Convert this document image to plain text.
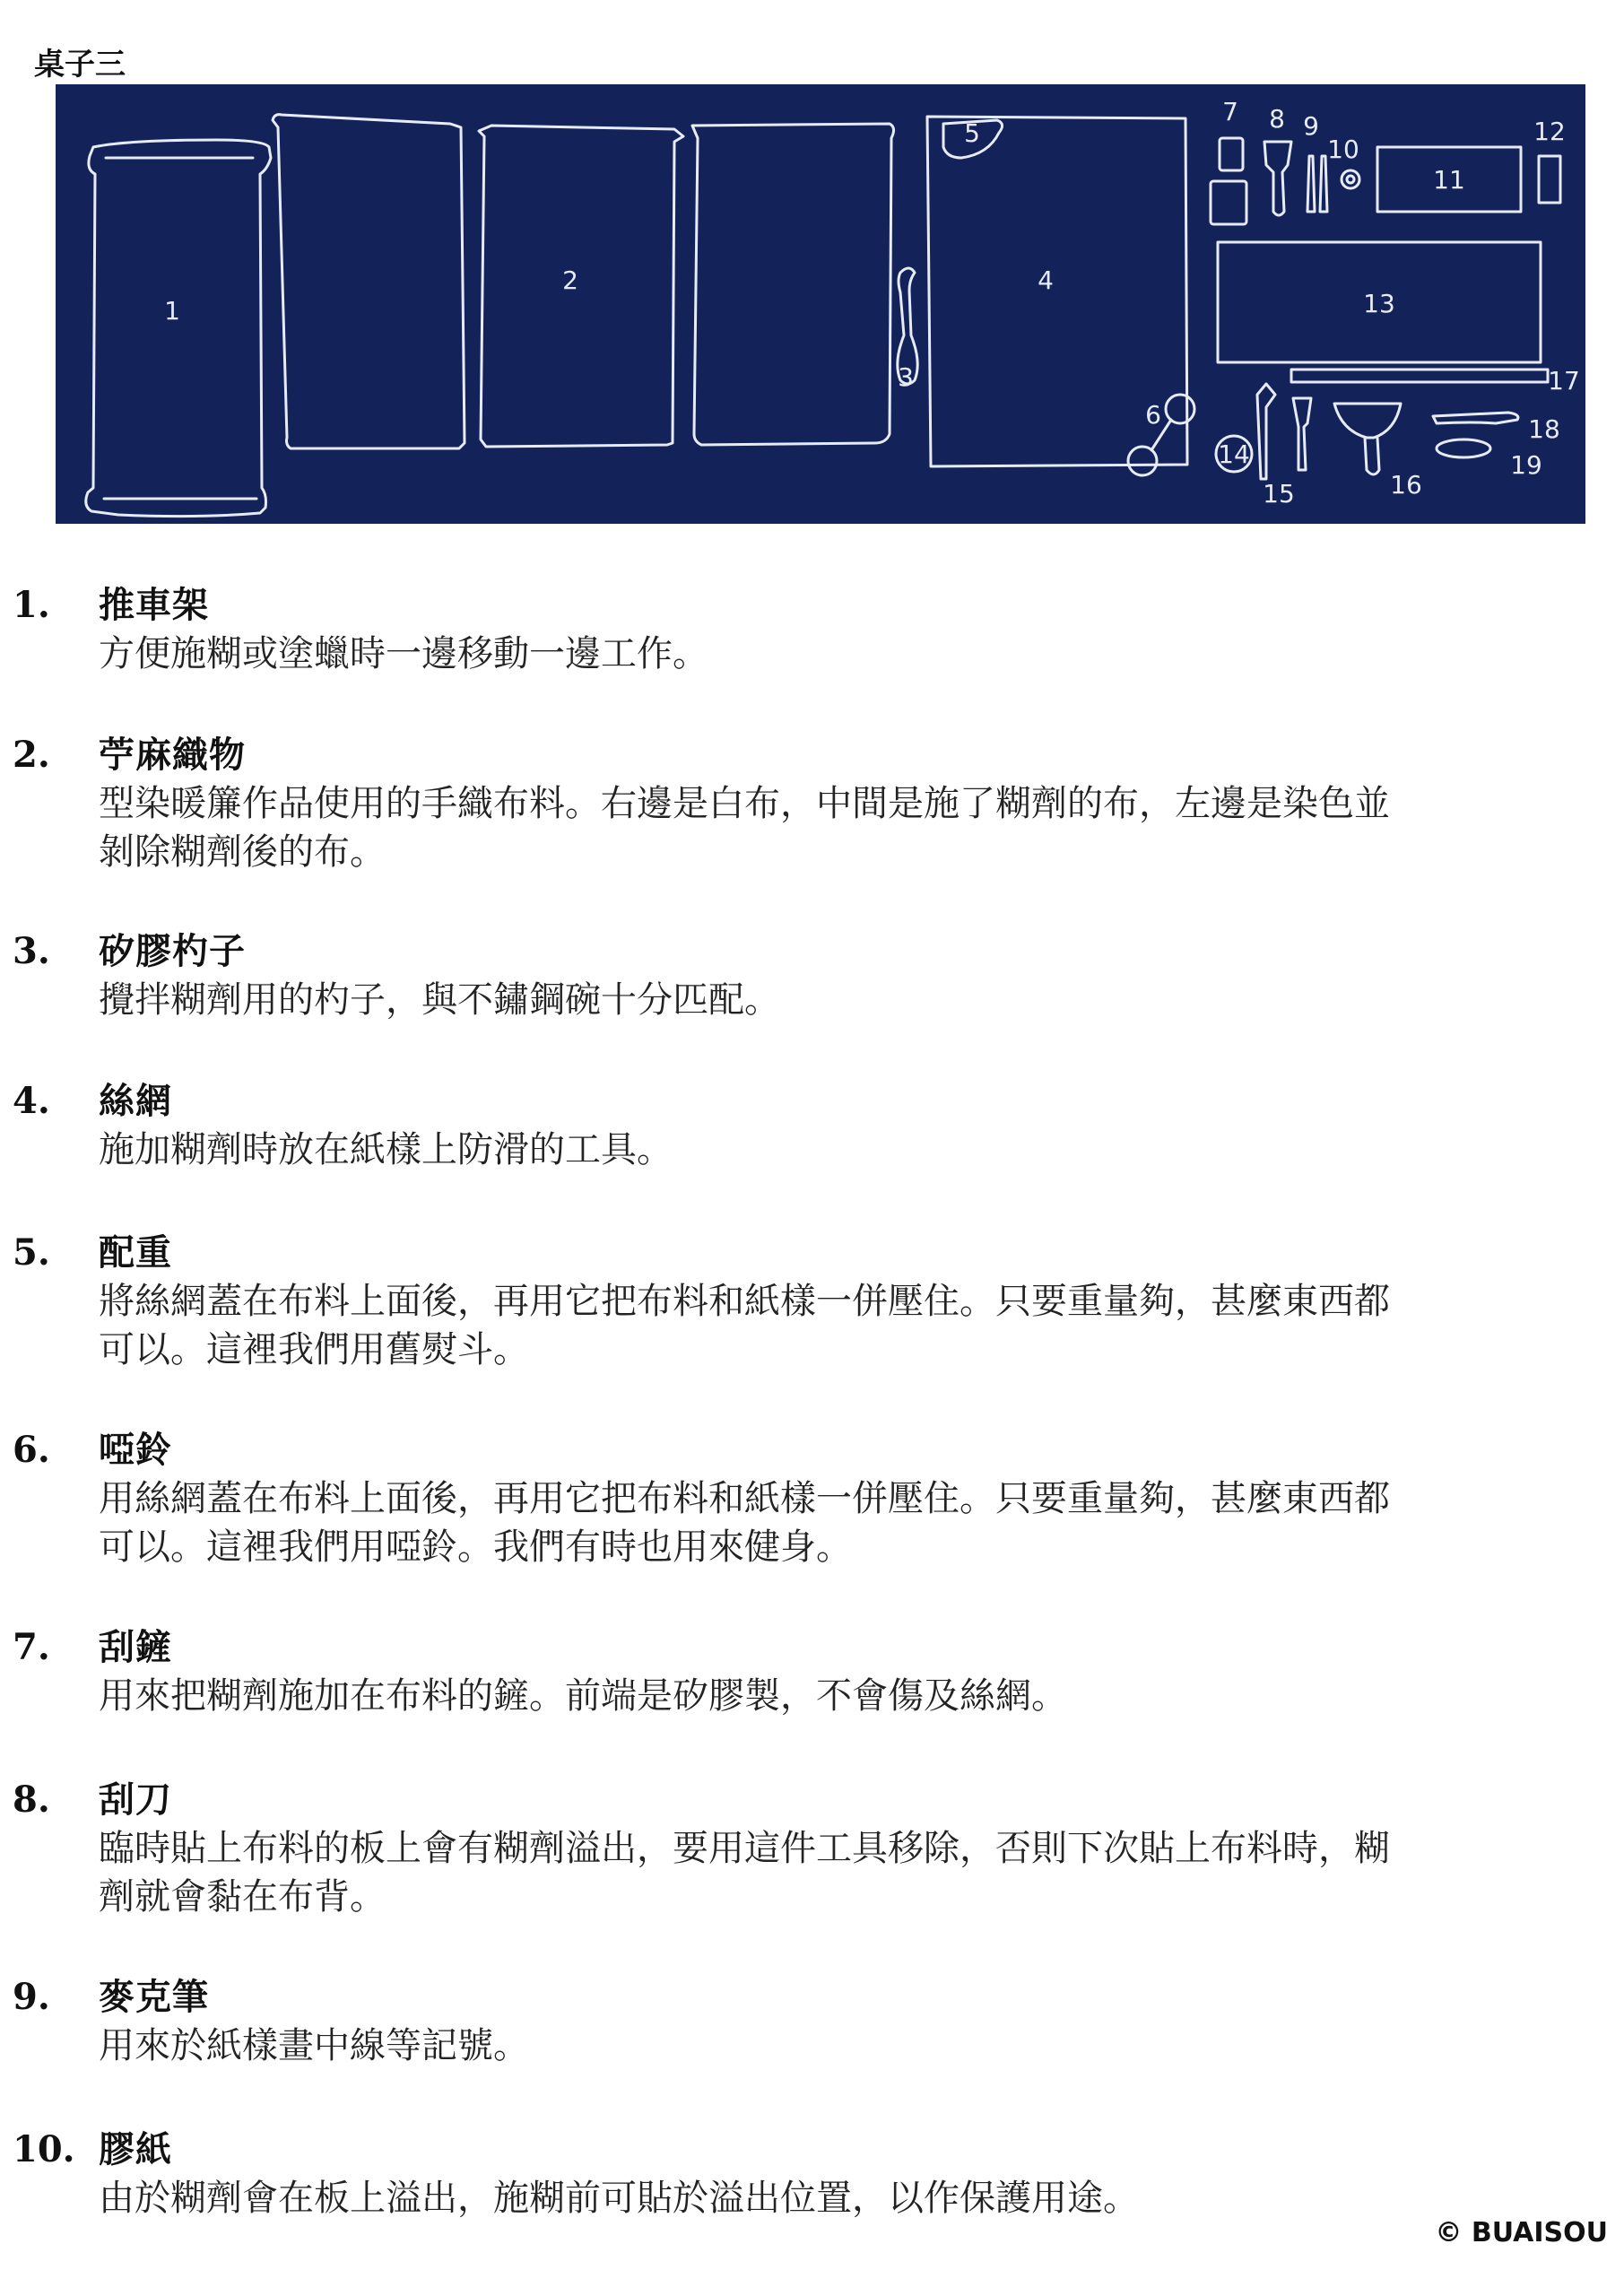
桌子三
1
2
3
4
5
6
7 8 9
10
11
12
13
14
15	16
17
18
19
1.	推車架
方便施糊或塗蠟時一邊移動一邊工作。
2.	苧麻織物
型染暖簾作品使用的手織布料。右邊是白布，中間是施了糊劑的布，左邊是染色並
剝除糊劑後的布。
3.	矽膠杓子
攪拌糊劑用的杓子，與不鏽鋼碗十分匹配。
4.	絲網
施加糊劑時放在紙樣上防滑的工具。
5.	配重
將絲網蓋在布料上面後，再用它把布料和紙樣一併壓住。只要重量夠，甚麼東西都
可以。這裡我們用舊熨斗。
6.	啞鈴
用絲網蓋在布料上面後，再用它把布料和紙樣一併壓住。只要重量夠，甚麼東西都
可以。這裡我們用啞鈴。我們有時也用來健身。
7.	刮鏟
用來把糊劑施加在布料的鏟。前端是矽膠製，不會傷及絲網。
8.	刮刀
臨時貼上布料的板上會有糊劑溢出，要用這件工具移除，否則下次貼上布料時，糊
劑就會黏在布背。
9.	麥克筆
用來於紙樣畫中線等記號。
10. 膠紙
由於糊劑會在板上溢出，施糊前可貼於溢出位置，以作保護用途。
© BUAISOU
